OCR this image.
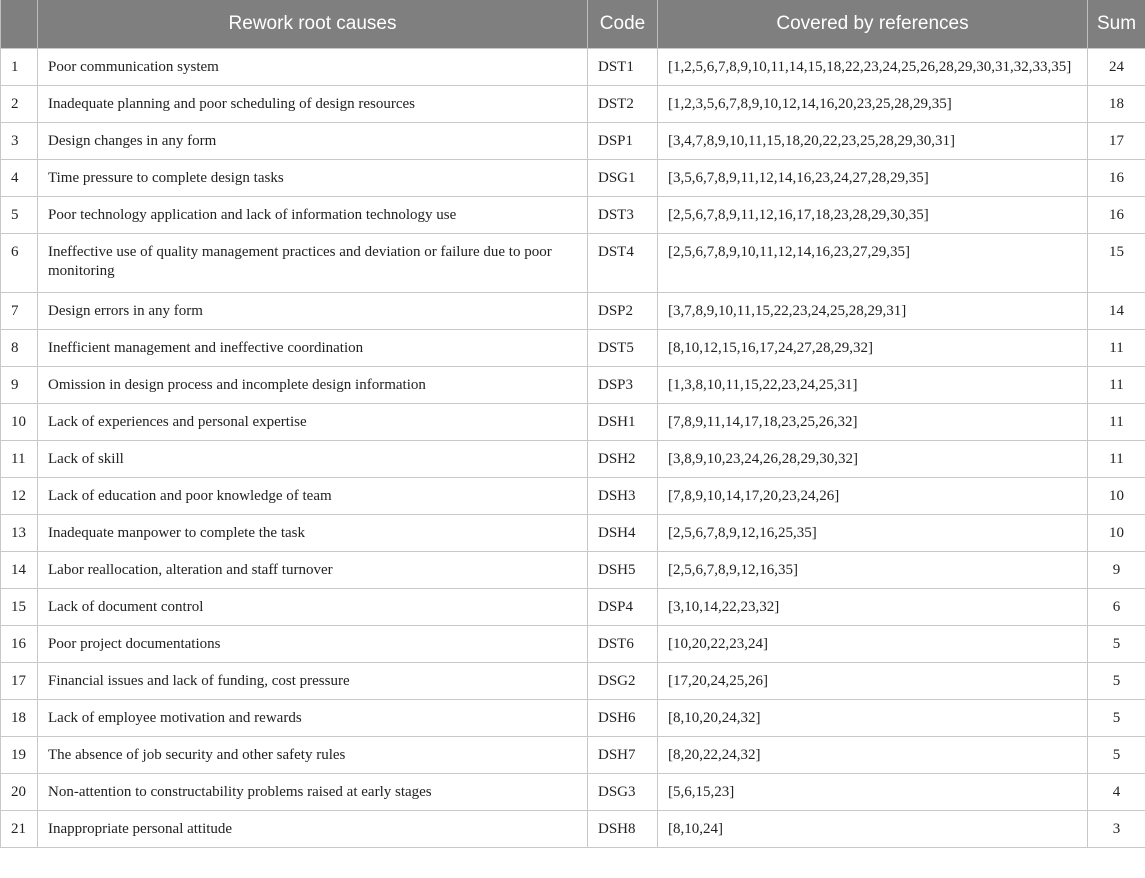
	Rework root causes	Code	Covered by references	Sum
1	Poor communication system	DST1	[1,2,5,6,7,8,9,10,11,14,15,18,22,23,24,25,26,28,29,30,31,32,33,35]	24
2	Inadequate planning and poor scheduling of design resources	DST2	[1,2,3,5,6,7,8,9,10,12,14,16,20,23,25,28,29,35]	18
3	Design changes in any form	DSP1	[3,4,7,8,9,10,11,15,18,20,22,23,25,28,29,30,31]	17
4	Time pressure to complete design tasks	DSG1	[3,5,6,7,8,9,11,12,14,16,23,24,27,28,29,35]	16
5	Poor technology application and lack of information technology use	DST3	[2,5,6,7,8,9,11,12,16,17,18,23,28,29,30,35]	16
6	Ineffective use of quality management practices and deviation or failure due to poor monitoring	DST4	[2,5,6,7,8,9,10,11,12,14,16,23,27,29,35]	15
7	Design errors in any form	DSP2	[3,7,8,9,10,11,15,22,23,24,25,28,29,31]	14
8	Inefficient management and ineffective coordination	DST5	[8,10,12,15,16,17,24,27,28,29,32]	11
9	Omission in design process and incomplete design information	DSP3	[1,3,8,10,11,15,22,23,24,25,31]	11
10	Lack of experiences and personal expertise	DSH1	[7,8,9,11,14,17,18,23,25,26,32]	11
11	Lack of skill	DSH2	[3,8,9,10,23,24,26,28,29,30,32]	11
12	Lack of education and poor knowledge of team	DSH3	[7,8,9,10,14,17,20,23,24,26]	10
13	Inadequate manpower to complete the task	DSH4	[2,5,6,7,8,9,12,16,25,35]	10
14	Labor reallocation, alteration and staff turnover	DSH5	[2,5,6,7,8,9,12,16,35]	9
15	Lack of document control	DSP4	[3,10,14,22,23,32]	6
16	Poor project documentations	DST6	[10,20,22,23,24]	5
17	Financial issues and lack of funding, cost pressure	DSG2	[17,20,24,25,26]	5
18	Lack of employee motivation and rewards	DSH6	[8,10,20,24,32]	5
19	The absence of job security and other safety rules	DSH7	[8,20,22,24,32]	5
20	Non-attention to constructability problems raised at early stages	DSG3	[5,6,15,23]	4
21	Inappropriate personal attitude	DSH8	[8,10,24]	3
